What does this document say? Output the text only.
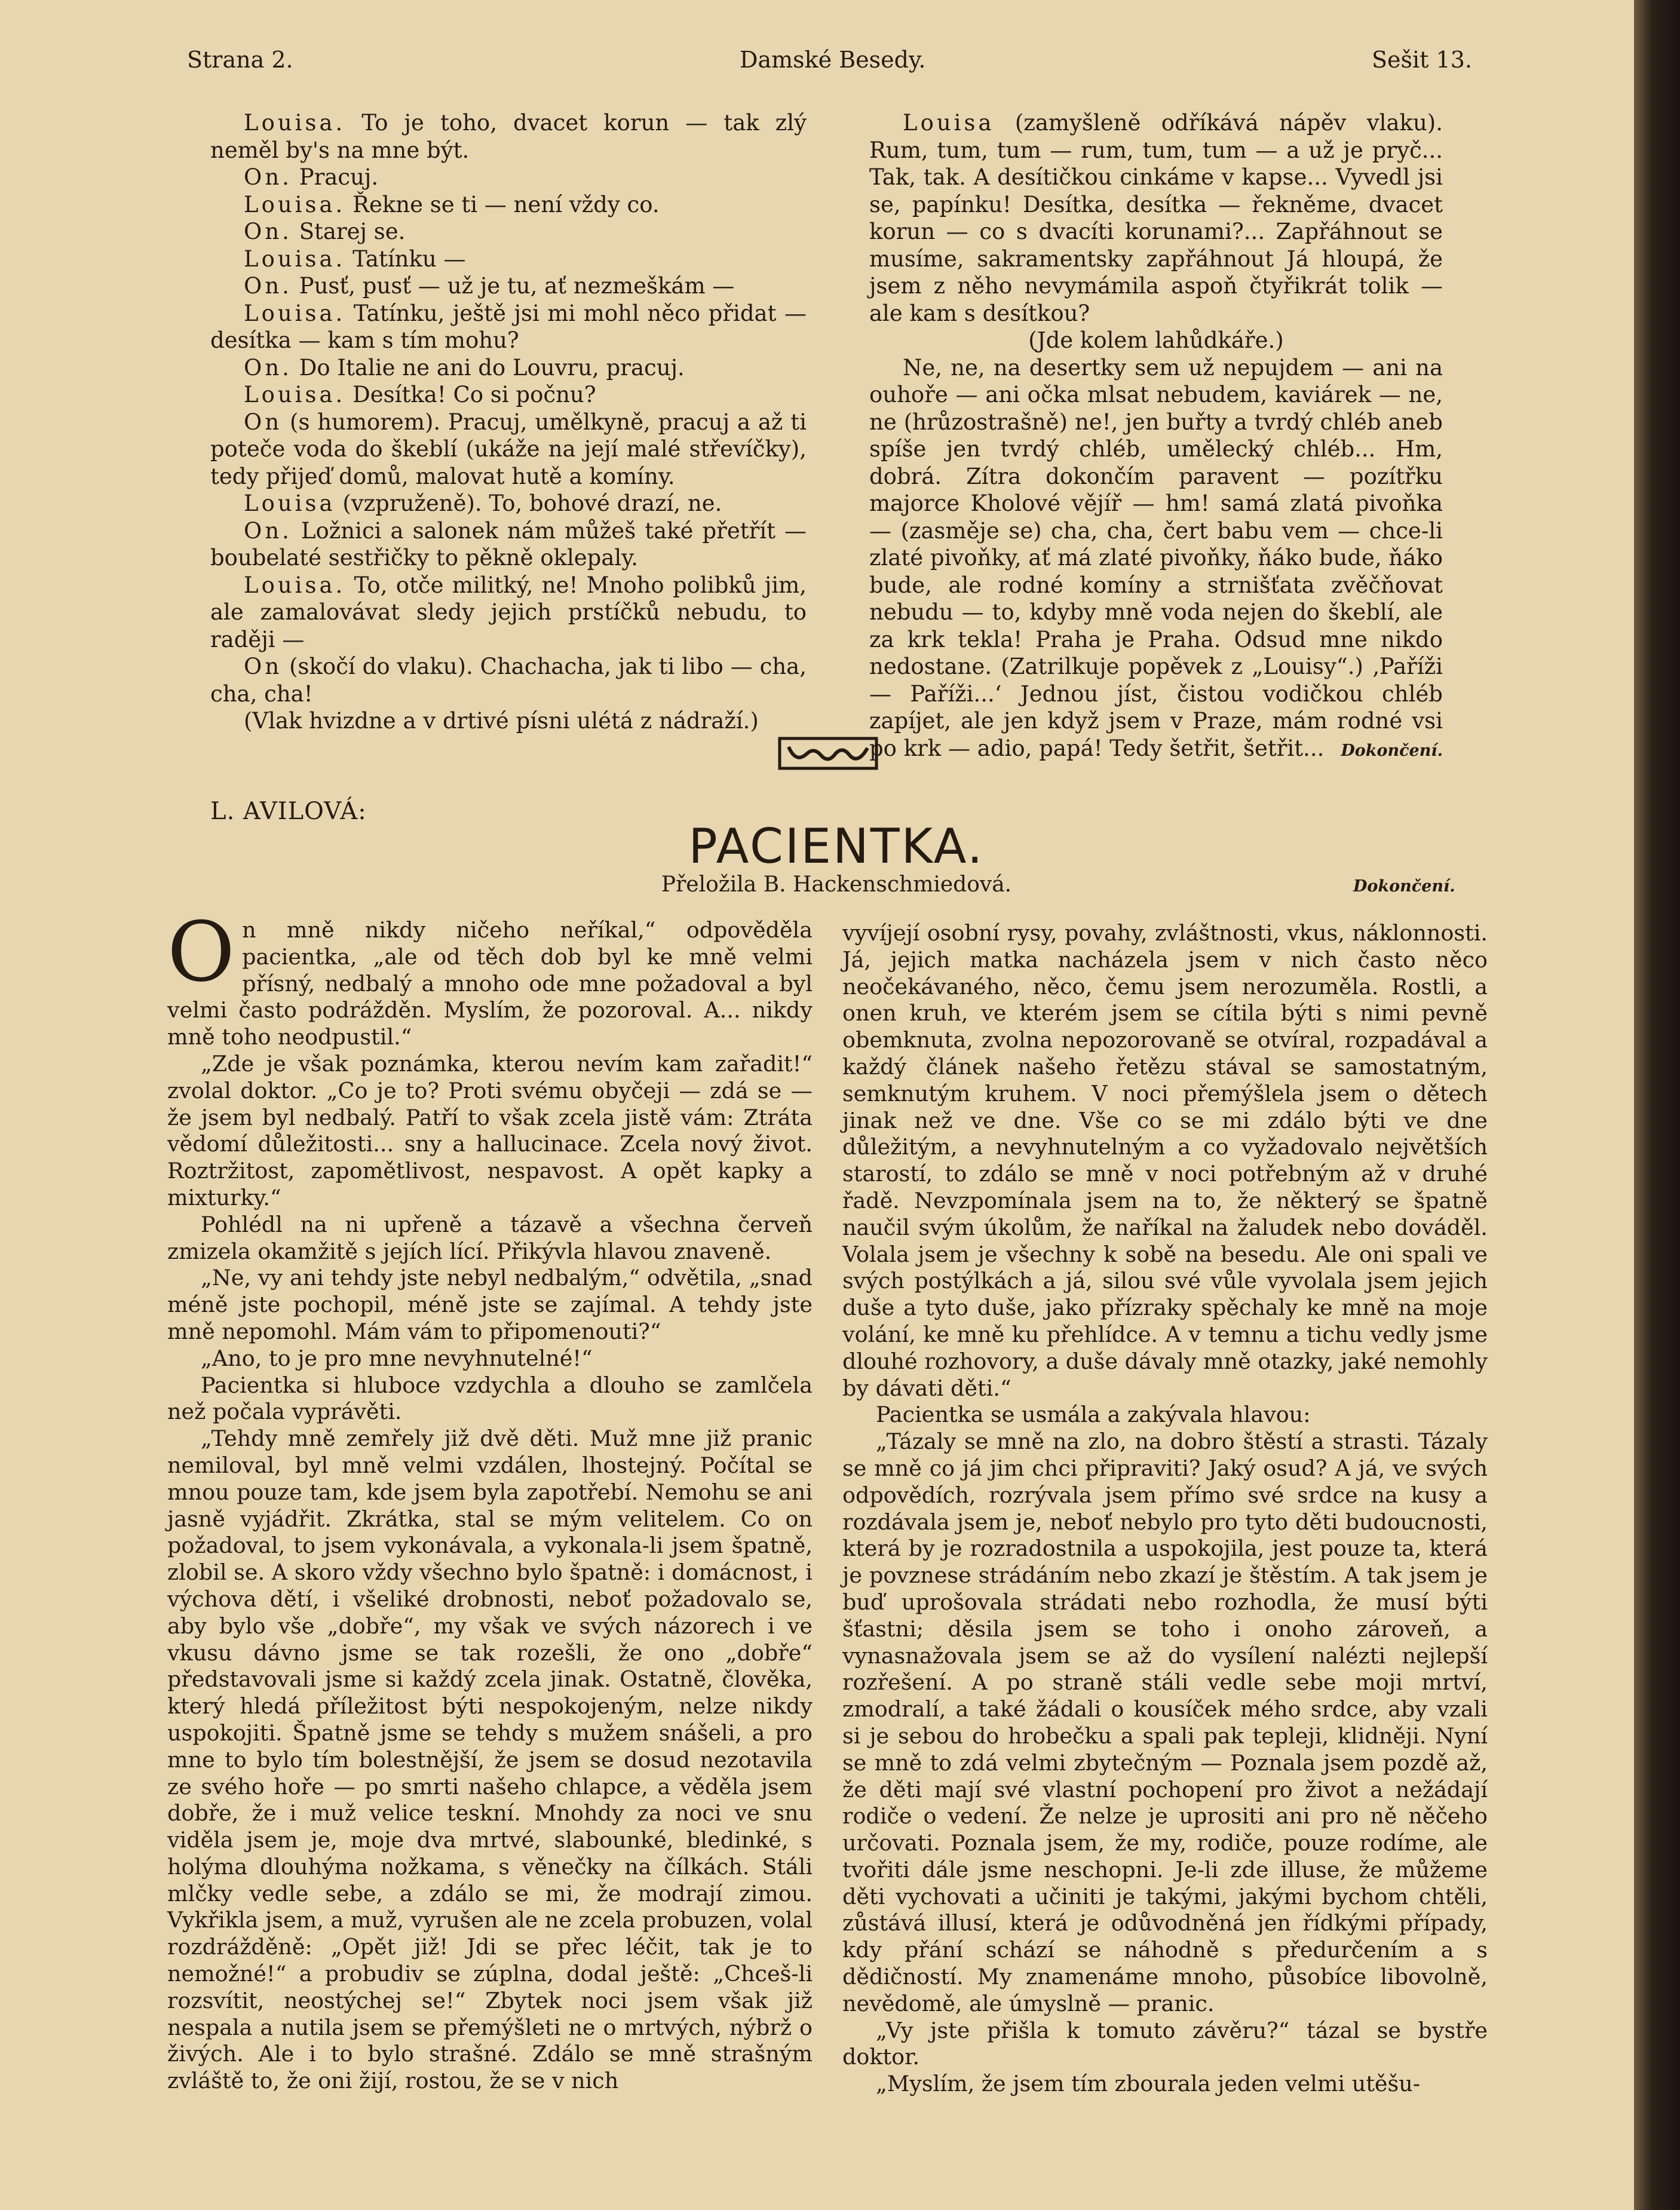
Strana 2.	Damské Besedy.	Sešit 13.

Louisa. To je toho, dvacet korun — tak zlý neměl by's na mne být.

On. Pracuj.

Louisa. Řekne se ti — není vždy co.

On. Starej se.

Louisa. Tatínku —

On. Pusť, pusť — už je tu, ať nezmeškám —

Louisa. Tatínku, ještě jsi mi mohl něco přidat — desítka — kam s tím mohu?

On. Do Italie ne ani do Louvru, pracuj.

Louisa. Desítka! Co si počnu?

On (s humorem). Pracuj, umělkyně, pracuj a až ti poteče voda do škeblí (ukáže na její malé střevíčky), tedy přijeď domů, malovat hutě a komíny.

Louisa (vzpruženě). To, bohové drazí, ne.

On. Ložnici a salonek nám můžeš také přetřít — boubelaté sestřičky to pěkně oklepaly.

Louisa. To, otče militký, ne! Mnoho polibků jim, ale zamalovávat sledy jejich prstíčků nebudu, to raději —

On (skočí do vlaku). Chachacha, jak ti libo — cha, cha, cha!

(Vlak hvizdne a v drtivé písni ulétá z nádraží.)

Louisa (zamyšleně odříkává nápěv vlaku). Rum, tum, tum — rum, tum, tum — a už je pryč... Tak, tak. A desítičkou cinkáme v kapse... Vyvedl jsi se, papínku! Desítka, desítka — řekněme, dvacet korun — co s dvacíti korunami?... Zapřáhnout se musíme, sakramentsky zapřáhnout Já hloupá, že jsem z něho nevymámila aspoň čtyřikrát tolik — ale kam s desítkou?

(Jde kolem lahůdkáře.)

Ne, ne, na desertky sem už nepujdem — ani na ouhoře — ani očka mlsat nebudem, kaviárek — ne, ne (hrůzostrašně) ne!, jen buřty a tvrdý chléb aneb spíše jen tvrdý chléb, umělecký chléb... Hm, dobrá. Zítra dokončím paravent — pozítřku majorce Kholové vějíř — hm! samá zlatá pivoňka — (zasměje se) cha, cha, čert babu vem — chce-li zlaté pivoňky, ať má zlaté pivoňky, ňáko bude, ňáko bude, ale rodné komíny a strnišťata zvěčňovat nebudu — to, kdyby mně voda nejen do škeblí, ale za krk tekla! Praha je Praha. Odsud mne nikdo nedostane. (Zatrilkuje popěvek z „Louisy“.) ‚Paříži — Paříži...‘ Jednou jíst, čistou vodičkou chléb zapíjet, ale jen když jsem v Praze, mám rodné vsi po krk — adio, papá! Tedy šetřit, šetřit...	Dokončení.

L. AVILOVÁ:
PACIENTKA.
Přeložila B. Hackenschmiedová.	Dokončení.

On mně nikdy ničeho neříkal,“ odpověděla pacientka, „ale od těch dob byl ke mně velmi přísný, nedbalý a mnoho ode mne požadoval a byl velmi často podrážděn. Myslím, že pozoroval. A... nikdy mně toho neodpustil.“

„Zde je však poznámka, kterou nevím kam zařadit!“ zvolal doktor. „Co je to? Proti svému obyčeji — zdá se — že jsem byl nedbalý. Patří to však zcela jistě vám: Ztráta vědomí důležitosti... sny a hallucinace. Zcela nový život. Roztržitost, zapomětlivost, nespavost. A opět kapky a mixturky.“

Pohlédl na ni upřeně a tázavě a všechna červeň zmizela okamžitě s jejích lící. Přikývla hlavou znaveně.

„Ne, vy ani tehdy jste nebyl nedbalým,“ odvětila, „snad méně jste pochopil, méně jste se zajímal. A tehdy jste mně nepomohl. Mám vám to připomenouti?“

„Ano, to je pro mne nevyhnutelné!“

Pacientka si hluboce vzdychla a dlouho se zamlčela než počala vyprávěti.

„Tehdy mně zemřely již dvě děti. Muž mne již pranic nemiloval, byl mně velmi vzdálen, lhostejný. Počítal se mnou pouze tam, kde jsem byla zapotřebí. Nemohu se ani jasně vyjádřit. Zkrátka, stal se mým velitelem. Co on požadoval, to jsem vykonávala, a vykonala-li jsem špatně, zlobil se. A skoro vždy všechno bylo špatně: i domácnost, i výchova dětí, i všeliké drobnosti, neboť požadovalo se, aby bylo vše „dobře“, my však ve svých názorech i ve vkusu dávno jsme se tak rozešli, že ono „dobře“ představovali jsme si každý zcela jinak. Ostatně, člověka, který hledá příležitost býti nespokojeným, nelze nikdy uspokojiti. Špatně jsme se tehdy s mužem snášeli, a pro mne to bylo tím bolestnější, že jsem se dosud nezotavila ze svého hoře — po smrti našeho chlapce, a věděla jsem dobře, že i muž velice teskní. Mnohdy za noci ve snu viděla jsem je, moje dva mrtvé, slabounké, bledinké, s holýma dlouhýma nožkama, s věnečky na čílkách. Stáli mlčky vedle sebe, a zdálo se mi, že modrají zimou. Vykřikla jsem, a muž, vyrušen ale ne zcela probuzen, volal rozdrážděně: „Opět již! Jdi se přec léčit, tak je to nemožné!“ a probudiv se zúplna, dodal ještě: „Chceš-li rozsvítit, neostýchej se!“ Zbytek noci jsem však již nespala a nutila jsem se přemýšleti ne o mrtvých, nýbrž o živých. Ale i to bylo strašné. Zdálo se mně strašným zvláště to, že oni žijí, rostou, že se v nich

vyvíjejí osobní rysy, povahy, zvláštnosti, vkus, náklonnosti. Já, jejich matka nacházela jsem v nich často něco neočekávaného, něco, čemu jsem nerozuměla. Rostli, a onen kruh, ve kterém jsem se cítila býti s nimi pevně obemknuta, zvolna nepozorovaně se otvíral, rozpadával a každý článek našeho řetězu stával se samostatným, semknutým kruhem. V noci přemýšlela jsem o dětech jinak než ve dne. Vše co se mi zdálo býti ve dne důležitým, a nevyhnutelným a co vyžadovalo největších starostí, to zdálo se mně v noci potřebným až v druhé řadě. Nevzpomínala jsem na to, že některý se špatně naučil svým úkolům, že naříkal na žaludek nebo dováděl. Volala jsem je všechny k sobě na besedu. Ale oni spali ve svých postýlkách a já, silou své vůle vyvolala jsem jejich duše a tyto duše, jako přízraky spěchaly ke mně na moje volání, ke mně ku přehlídce. A v temnu a tichu vedly jsme dlouhé rozhovory, a duše dávaly mně otazky, jaké nemohly by dávati děti.“

Pacientka se usmála a zakývala hlavou:

„Tázaly se mně na zlo, na dobro štěstí a strasti. Tázaly se mně co já jim chci připraviti? Jaký osud? A já, ve svých odpovědích, rozrývala jsem přímo své srdce na kusy a rozdávala jsem je, neboť nebylo pro tyto děti budoucnosti, která by je rozradostnila a uspokojila, jest pouze ta, která je povznese strádáním nebo zkazí je štěstím. A tak jsem je buď uprošovala strádati nebo rozhodla, že musí býti šťastni; děsila jsem se toho i onoho zároveň, a vynasnažovala jsem se až do vysílení nalézti nejlepší rozřešení. A po straně stáli vedle sebe moji mrtví, zmodralí, a také žádali o kousíček mého srdce, aby vzali si je sebou do hrobečku a spali pak tepleji, klidněji. Nyní se mně to zdá velmi zbytečným — Poznala jsem pozdě až, že děti mají své vlastní pochopení pro život a nežádají rodiče o vedení. Že nelze je uprositi ani pro ně něčeho určovati. Poznala jsem, že my, rodiče, pouze rodíme, ale tvořiti dále jsme neschopni. Je-li zde illuse, že můžeme děti vychovati a učiniti je takými, jakými bychom chtěli, zůstává illusí, která je odůvodněná jen řídkými případy, kdy přání schází se náhodně s předurčením a s dědičností. My znamenáme mnoho, působíce libovolně, nevědomě, ale úmyslně — pranic.

„Vy jste přišla k tomuto závěru?“ tázal se bystře doktor.

„Myslím, že jsem tím zbourala jeden velmi utěšu-
